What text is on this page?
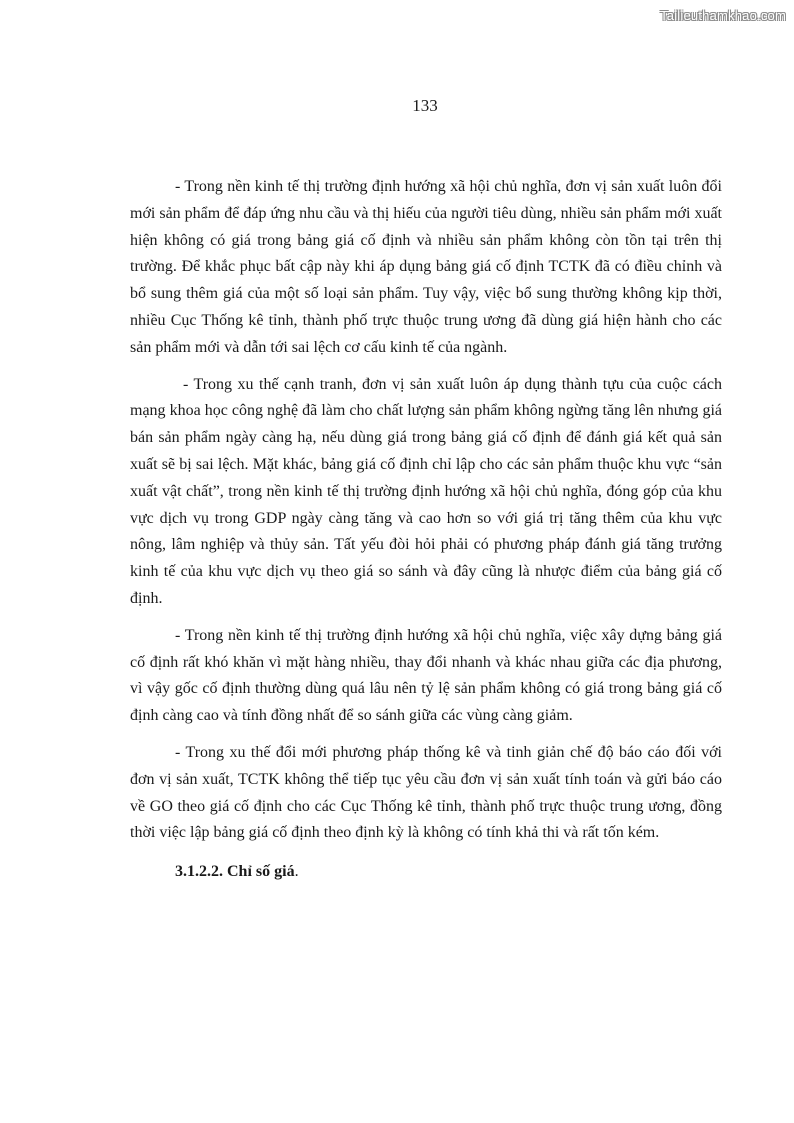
Tailieuthamkhao.com
133

- Trong nền kinh tế thị trường định hướng xã hội chủ nghĩa, đơn vị sản xuất luôn đổi mới sản phẩm để đáp ứng nhu cầu và thị hiếu của người tiêu dùng, nhiều sản phẩm mới xuất hiện không có giá trong bảng giá cố định và nhiều sản phẩm không còn tồn tại trên thị trường. Để khắc phục bất cập này khi áp dụng bảng giá cố định TCTK đã có điều chỉnh và bổ sung thêm giá của một số loại sản phẩm. Tuy vậy, việc bổ sung thường không kịp thời, nhiều Cục Thống kê tỉnh, thành phố trực thuộc trung ương đã dùng giá hiện hành cho các sản phẩm mới và dẫn tới sai lệch cơ cấu kinh tế của ngành.

- Trong xu thế cạnh tranh, đơn vị sản xuất luôn áp dụng thành tựu của cuộc cách mạng khoa học công nghệ đã làm cho chất lượng sản phẩm không ngừng tăng lên nhưng giá bán sản phẩm ngày càng hạ, nếu dùng giá trong bảng giá cố định để đánh giá kết quả sản xuất sẽ bị sai lệch. Mặt khác, bảng giá cố định chỉ lập cho các sản phẩm thuộc khu vực “sản xuất vật chất”, trong nền kinh tế thị trường định hướng xã hội chủ nghĩa, đóng góp của khu vực dịch vụ trong GDP ngày càng tăng và cao hơn so với giá trị tăng thêm của khu vực nông, lâm nghiệp và thủy sản. Tất yếu đòi hỏi phải có phương pháp đánh giá tăng trưởng kinh tế của khu vực dịch vụ theo giá so sánh và đây cũng là nhược điểm của bảng giá cố định.

- Trong nền kinh tế thị trường định hướng xã hội chủ nghĩa, việc xây dựng bảng giá cố định rất khó khăn vì mặt hàng nhiều, thay đổi nhanh và khác nhau giữa các địa phương, vì vậy gốc cố định thường dùng quá lâu nên tỷ lệ sản phẩm không có giá trong bảng giá cố định càng cao và tính đồng nhất để so sánh giữa các vùng càng giảm.

- Trong xu thế đổi mới phương pháp thống kê và tinh giản chế độ báo cáo đối với đơn vị sản xuất, TCTK không thể tiếp tục yêu cầu đơn vị sản xuất tính toán và gửi báo cáo về GO theo giá cố định cho các Cục Thống kê tỉnh, thành phố trực thuộc trung ương, đồng thời việc lập bảng giá cố định theo định kỳ là không có tính khả thi và rất tốn kém.

3.1.2.2. Chỉ số giá.
